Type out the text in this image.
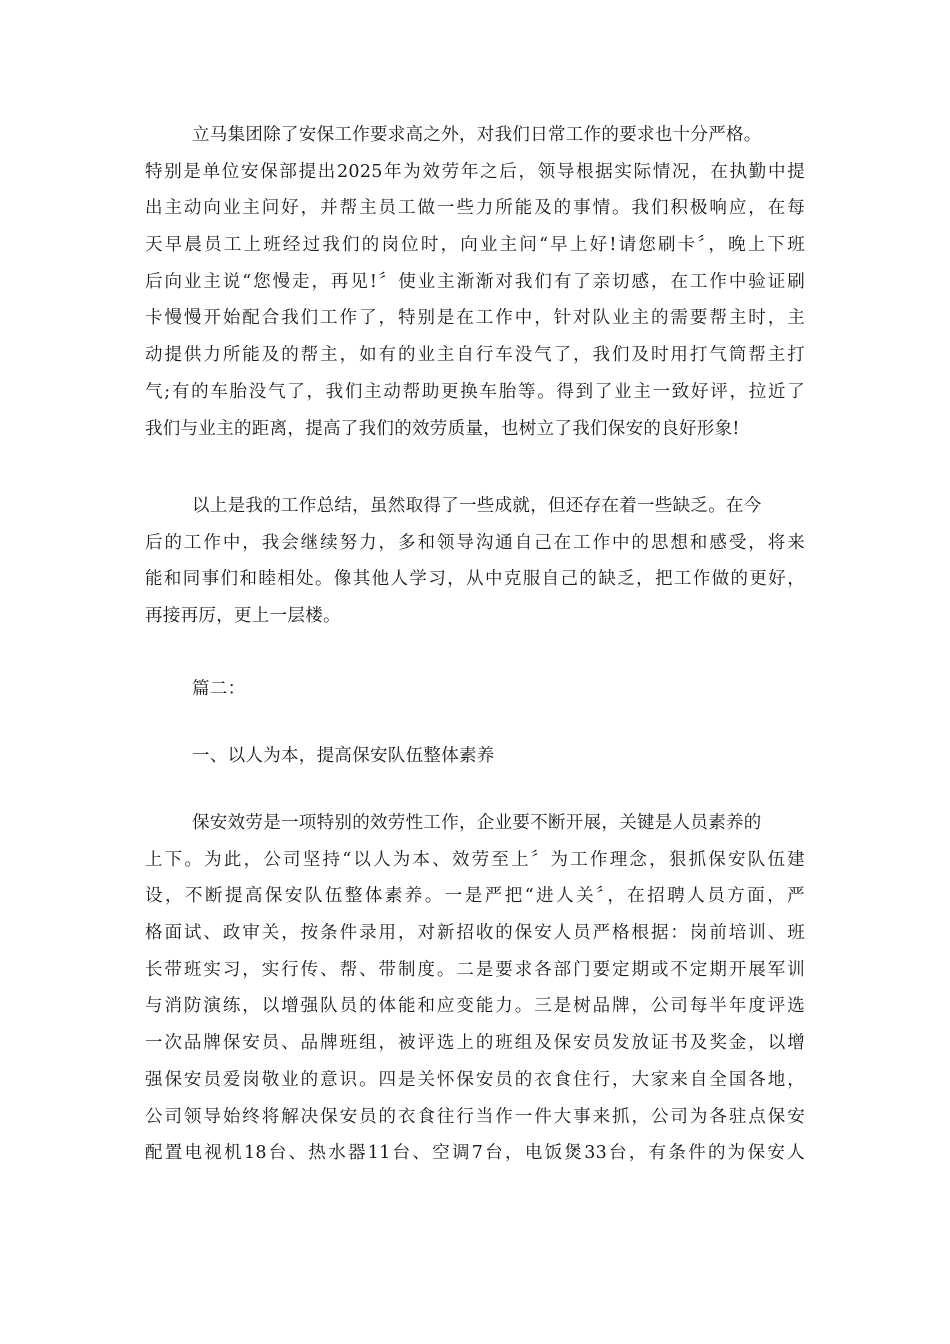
立马集团除了安保工作要求高之外，对我们日常工作的要求也十分严格。
特别是单位安保部提出2025年为效劳年之后，领导根据实际情况，在执勤中提
出主动向业主问好，并帮主员工做一些力所能及的事情。我们积极响应，在每
天早晨员工上班经过我们的岗位时，向业主问“早上好!请您刷卡〞，晚上下班
后向业主说“您慢走，再见!〞使业主渐渐对我们有了亲切感，在工作中验证刷
卡慢慢开始配合我们工作了，特别是在工作中，针对队业主的需要帮主时，主
动提供力所能及的帮主，如有的业主自行车没气了，我们及时用打气筒帮主打
气;有的车胎没气了，我们主动帮助更换车胎等。得到了业主一致好评，拉近了
我们与业主的距离，提高了我们的效劳质量，也树立了我们保安的良好形象!
以上是我的工作总结，虽然取得了一些成就，但还存在着一些缺乏。在今
后的工作中，我会继续努力，多和领导沟通自己在工作中的思想和感受，将来
能和同事们和睦相处。像其他人学习，从中克服自己的缺乏，把工作做的更好，
再接再厉，更上一层楼。
篇二：
一、以人为本，提高保安队伍整体素养
保安效劳是一项特别的效劳性工作，企业要不断开展，关键是人员素养的
上下。为此，公司坚持“以人为本、效劳至上〞为工作理念，狠抓保安队伍建
设，不断提高保安队伍整体素养。一是严把“进人关〞，在招聘人员方面，严
格面试、政审关，按条件录用，对新招收的保安人员严格根据：岗前培训、班
长带班实习，实行传、帮、带制度。二是要求各部门要定期或不定期开展军训
与消防演练，以增强队员的体能和应变能力。三是树品牌，公司每半年度评选
一次品牌保安员、品牌班组，被评选上的班组及保安员发放证书及奖金，以增
强保安员爱岗敬业的意识。四是关怀保安员的衣食住行，大家来自全国各地，
公司领导始终将解决保安员的衣食往行当作一件大事来抓，公司为各驻点保安
配置电视机18台、热水器11台、空调7台，电饭煲33台，有条件的为保安人
